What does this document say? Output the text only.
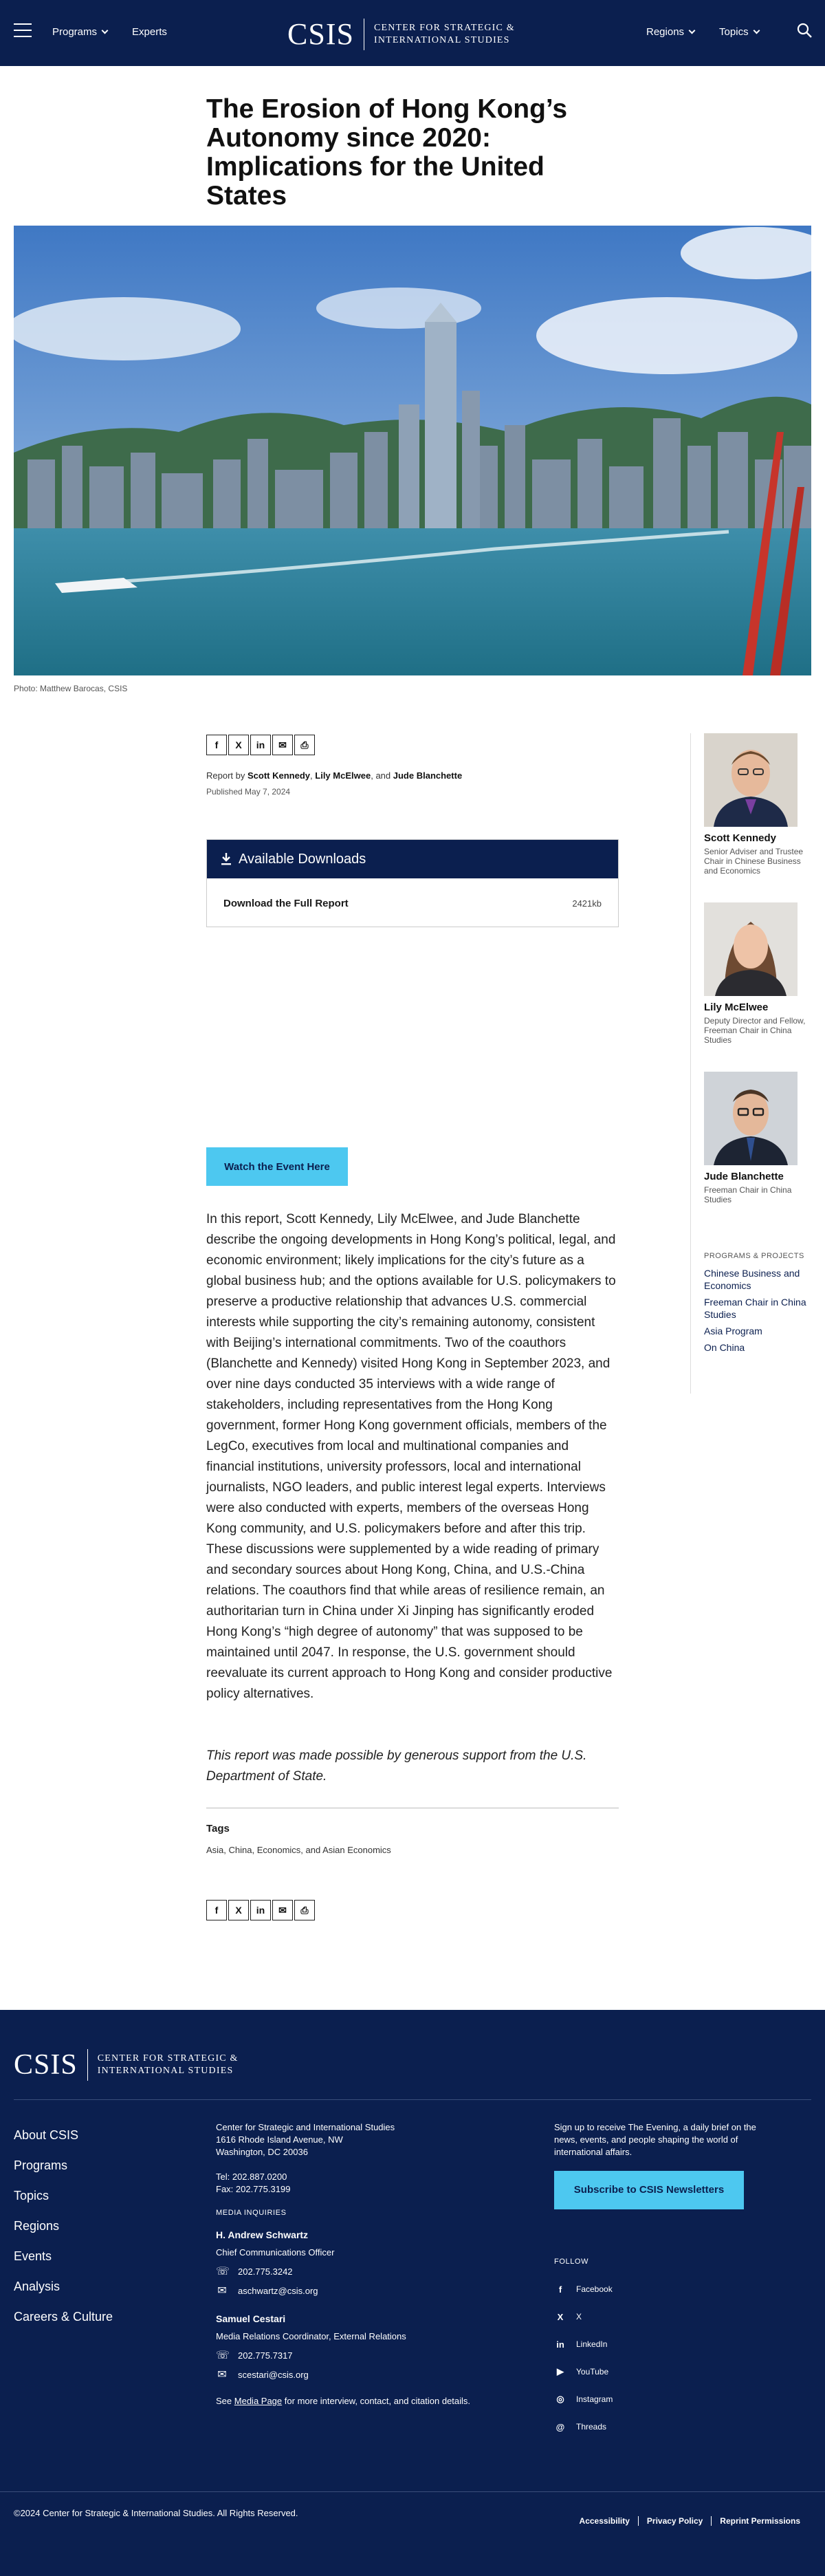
Programs	Experts	CSIS CENTER FOR STRATEGIC &
INTERNATIONAL STUDIES
Regions	Topics
The Erosion of Hong Kong’s Autonomy since 2020: Implications for the United States
Photo: Matthew Barocas, CSIS
f	X	in	✉	⎙
Report by Scott Kennedy, Lily McElwee, and Jude Blanchette
Published May 7, 2024
Available Downloads
Download the Full Report	2421kb
Watch the Event Here

In this report, Scott Kennedy, Lily McElwee, and Jude Blanchette describe the ongoing developments in Hong Kong’s political, legal, and economic environment; likely implications for the city’s future as a global business hub; and the options available for U.S. policymakers to preserve a productive relationship that advances U.S. commercial interests while supporting the city’s remaining autonomy, consistent with Beijing’s international commitments. Two of the coauthors (Blanchette and Kennedy) visited Hong Kong in September 2023, and over nine days conducted 35 interviews with a wide range of stakeholders, including representatives from the Hong Kong government, former Hong Kong government officials, members of the LegCo, executives from local and multinational companies and financial institutions, university professors, local and international journalists, NGO leaders, and public interest legal experts. Interviews were also conducted with experts, members of the overseas Hong Kong community, and U.S. policymakers before and after this trip. These discussions were supplemented by a wide reading of primary and secondary sources about Hong Kong, China, and U.S.-China relations. The coauthors find that while areas of resilience remain, an authoritarian turn in China under Xi Jinping has significantly eroded Hong Kong’s “high degree of autonomy” that was supposed to be maintained until 2047. In response, the U.S. government should reevaluate its current approach to Hong Kong and consider productive policy alternatives.

This report was made possible by generous support from the U.S. Department of State.

Tags
Asia, China, Economics, and Asian Economics
f	X	in	✉	⎙
Scott Kennedy
Senior Adviser and Trustee Chair in Chinese Business and Economics
Lily McElwee
Deputy Director and Fellow, Freeman Chair in China Studies
Jude Blanchette
Freeman Chair in China Studies
PROGRAMS & PROJECTS
Chinese Business and Economics
Freeman Chair in China Studies
Asia Program
On China
CSIS CENTER FOR STRATEGIC &
INTERNATIONAL STUDIES
About CSIS
Programs
Topics
Regions
Events
Analysis
Careers & Culture
Center for Strategic and International Studies
1616 Rhode Island Avenue, NW
Washington, DC 20036
Tel: 202.887.0200
Fax: 202.775.3199
MEDIA INQUIRIES
H. Andrew Schwartz
Chief Communications Officer
☏ 202.775.3242
✉ aschwartz@csis.org
Samuel Cestari
Media Relations Coordinator, External Relations
☏ 202.775.7317
✉ scestari@csis.org
See Media Page for more interview, contact, and citation details.
Sign up to receive The Evening, a daily brief on the news, events, and people shaping the world of international affairs.
Subscribe to CSIS Newsletters
FOLLOW
f	Facebook
X	X
in LinkedIn
▶	YouTube
◎ Instagram
@ Threads
©2024 Center for Strategic & International Studies. All Rights Reserved.
Accessibility	Privacy Policy	Reprint Permissions
